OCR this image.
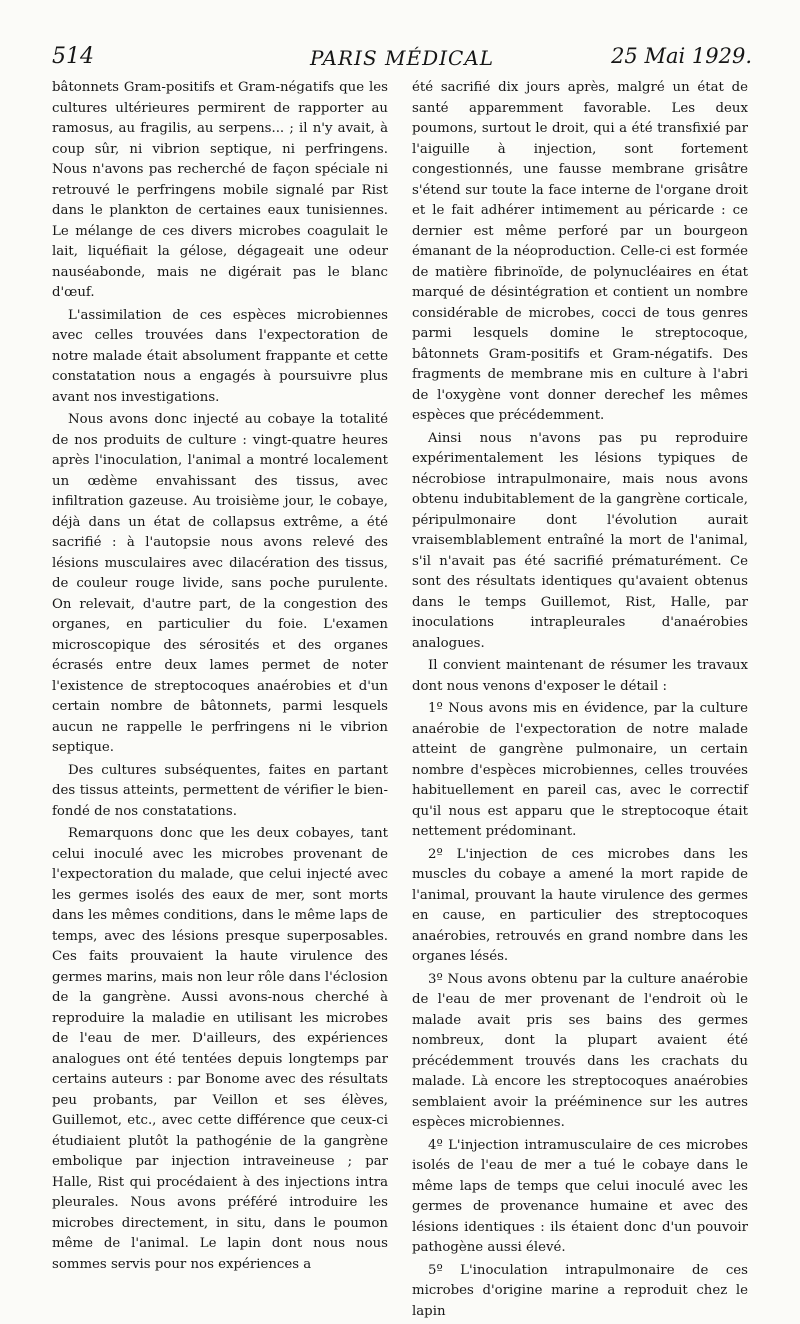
514	PARIS MÉDICAL	25 Mai 1929.

bâtonnets Gram-positifs et Gram-négatifs que les cultures ultérieures permirent de rapporter au ramosus, au fragilis, au serpens... ; il n'y avait, à coup sûr, ni vibrion septique, ni perfringens. Nous n'avons pas recherché de façon spéciale ni retrouvé le perfringens mobile signalé par Rist dans le plankton de certaines eaux tunisiennes. Le mélange de ces divers microbes coagulait le lait, liquéfiait la gélose, dégageait une odeur nauséabonde, mais ne digérait pas le blanc d'œuf.

L'assimilation de ces espèces microbiennes avec celles trouvées dans l'expectoration de notre malade était absolument frappante et cette constatation nous a engagés à poursuivre plus avant nos investigations.

Nous avons donc injecté au cobaye la totalité de nos produits de culture : vingt-quatre heures après l'inoculation, l'animal a montré localement un œdème envahissant des tissus, avec infiltration gazeuse. Au troisième jour, le cobaye, déjà dans un état de collapsus extrême, a été sacrifié : à l'autopsie nous avons relevé des lésions musculaires avec dilacération des tissus, de couleur rouge livide, sans poche purulente. On relevait, d'autre part, de la congestion des organes, en particulier du foie. L'examen microscopique des sérosités et des organes écrasés entre deux lames permet de noter l'existence de streptocoques anaérobies et d'un certain nombre de bâtonnets, parmi lesquels aucun ne rappelle le perfringens ni le vibrion septique.

Des cultures subséquentes, faites en partant des tissus atteints, permettent de vérifier le bien-fondé de nos constatations.

Remarquons donc que les deux cobayes, tant celui inoculé avec les microbes provenant de l'expectoration du malade, que celui injecté avec les germes isolés des eaux de mer, sont morts dans les mêmes conditions, dans le même laps de temps, avec des lésions presque superposables. Ces faits prouvaient la haute virulence des germes marins, mais non leur rôle dans l'éclosion de la gangrène. Aussi avons-nous cherché à reproduire la maladie en utilisant les microbes de l'eau de mer. D'ailleurs, des expériences analogues ont été tentées depuis longtemps par certains auteurs : par Bonome avec des résultats peu probants, par Veillon et ses élèves, Guillemot, etc., avec cette différence que ceux-ci étudiaient plutôt la pathogénie de la gangrène embolique par injection intraveineuse ; par Halle, Rist qui procédaient à des injections intra pleurales. Nous avons préféré introduire les microbes directement, in situ, dans le poumon même de l'animal. Le lapin dont nous nous sommes servis pour nos expériences a

été sacrifié dix jours après, malgré un état de santé apparemment favorable. Les deux poumons, surtout le droit, qui a été transfixié par l'aiguille à injection, sont fortement congestionnés, une fausse membrane grisâtre s'étend sur toute la face interne de l'organe droit et le fait adhérer intimement au péricarde : ce dernier est même perforé par un bourgeon émanant de la néoproduction. Celle-ci est formée de matière fibrinoïde, de polynucléaires en état marqué de désintégration et contient un nombre considérable de microbes, cocci de tous genres parmi lesquels domine le streptocoque, bâtonnets Gram-positifs et Gram-négatifs. Des fragments de membrane mis en culture à l'abri de l'oxygène vont donner derechef les mêmes espèces que précédemment.

Ainsi nous n'avons pas pu reproduire expérimentalement les lésions typiques de nécrobiose intrapulmonaire, mais nous avons obtenu indubitablement de la gangrène corticale, péripulmonaire dont l'évolution aurait vraisemblablement entraîné la mort de l'animal, s'il n'avait pas été sacrifié prématurément. Ce sont des résultats identiques qu'avaient obtenus dans le temps Guillemot, Rist, Halle, par inoculations intrapleurales d'anaérobies analogues.

Il convient maintenant de résumer les travaux dont nous venons d'exposer le détail :

1º Nous avons mis en évidence, par la culture anaérobie de l'expectoration de notre malade atteint de gangrène pulmonaire, un certain nombre d'espèces microbiennes, celles trouvées habituellement en pareil cas, avec le correctif qu'il nous est apparu que le streptocoque était nettement prédominant.

2º L'injection de ces microbes dans les muscles du cobaye a amené la mort rapide de l'animal, prouvant la haute virulence des germes en cause, en particulier des streptocoques anaérobies, retrouvés en grand nombre dans les organes lésés.

3º Nous avons obtenu par la culture anaérobie de l'eau de mer provenant de l'endroit où le malade avait pris ses bains des germes nombreux, dont la plupart avaient été précédemment trouvés dans les crachats du malade. Là encore les streptocoques anaérobies semblaient avoir la prééminence sur les autres espèces microbiennes.

4º L'injection intramusculaire de ces microbes isolés de l'eau de mer a tué le cobaye dans le même laps de temps que celui inoculé avec les germes de provenance humaine et avec des lésions identiques : ils étaient donc d'un pouvoir pathogène aussi élevé.

5º L'inoculation intrapulmonaire de ces microbes d'origine marine a reproduit chez le lapin
